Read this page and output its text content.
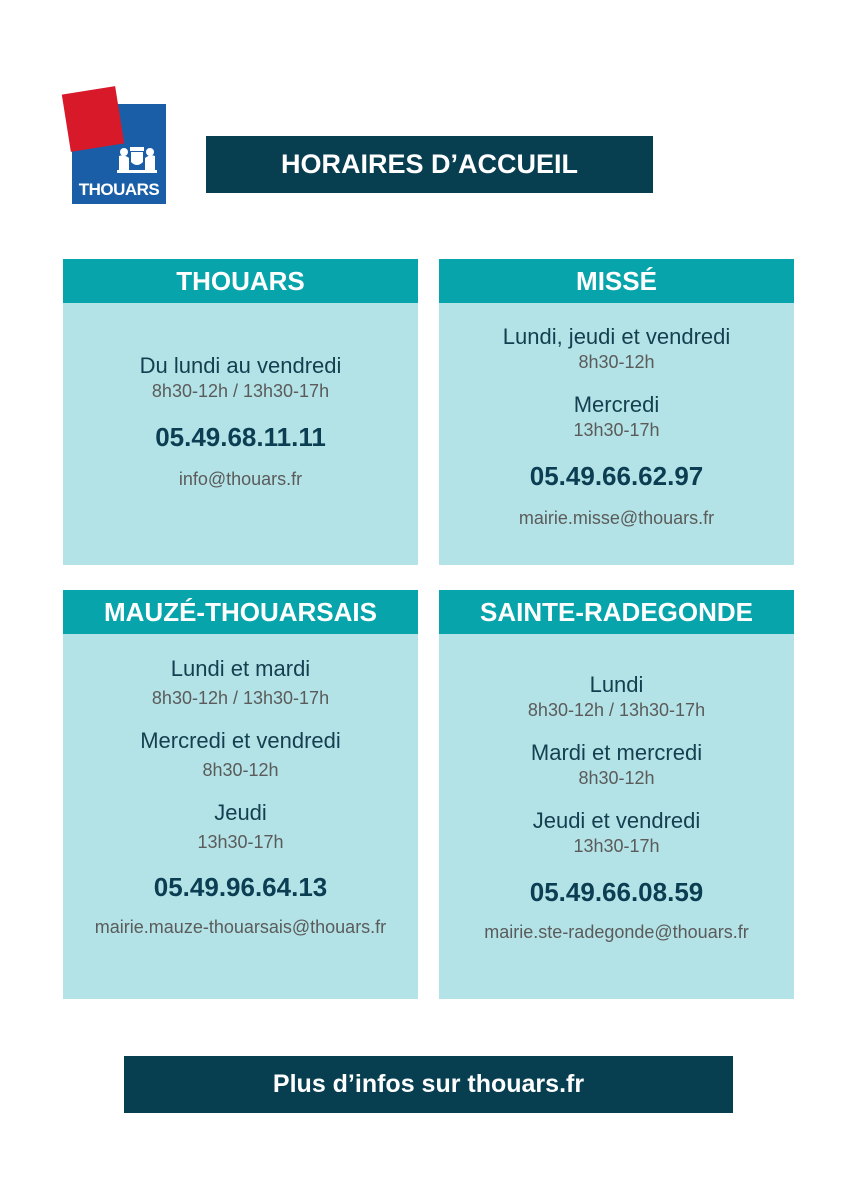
THOUARS
HORAIRES D’ACCUEIL
THOUARS
Du lundi au vendredi
8h30-12h / 13h30-17h
05.49.68.11.11
info@thouars.fr
MISSÉ
Lundi, jeudi et vendredi
8h30-12h
Mercredi
13h30-17h
05.49.66.62.97
mairie.misse@thouars.fr
MAUZÉ-THOUARSAIS
Lundi et mardi
8h30-12h / 13h30-17h
Mercredi et vendredi
8h30-12h
Jeudi
13h30-17h
05.49.96.64.13
mairie.mauze-thouarsais@thouars.fr
SAINTE-RADEGONDE
Lundi
8h30-12h / 13h30-17h
Mardi et mercredi
8h30-12h
Jeudi et vendredi
13h30-17h
05.49.66.08.59
mairie.ste-radegonde@thouars.fr
Plus d’infos sur thouars.fr
